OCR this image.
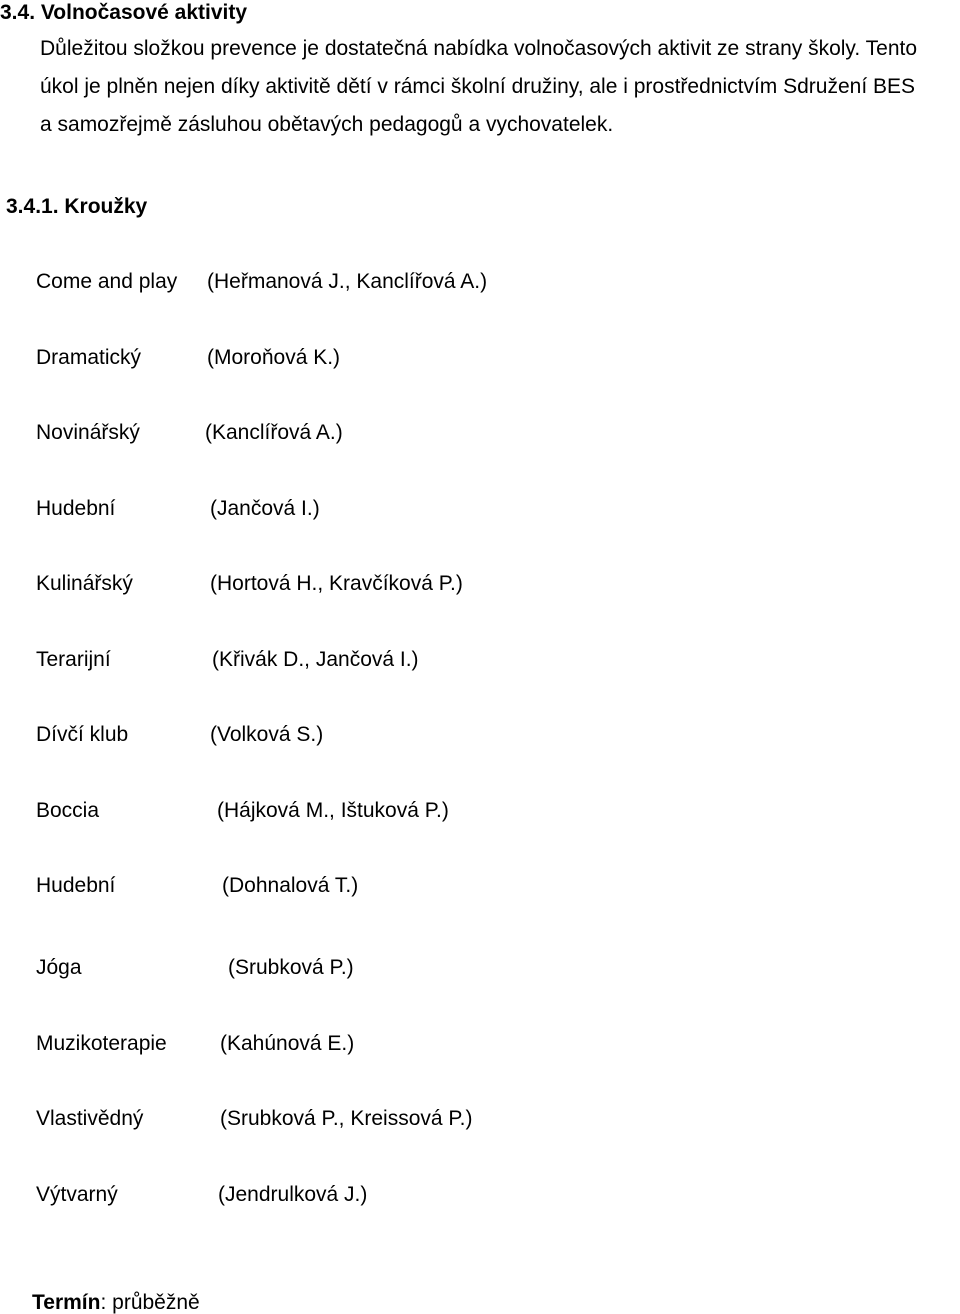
3.4. Volnočasové aktivity
Důležitou složkou prevence je dostatečná nabídka volnočasových aktivit ze strany školy. Tento
úkol je plněn nejen díky aktivitě dětí v rámci školní družiny, ale i prostřednictvím Sdružení BES
a samozřejmě zásluhou obětavých pedagogů a vychovatelek.
3.4.1. Kroužky
Come and play (Heřmanová J., Kanclířová A.)
Dramatický	(Moroňová K.)
Novinářský	(Kanclířová A.)
Hudební	(Jančová I.)
Kulinářský	(Hortová H., Kravčíková P.)
Terarijní	(Křivák D., Jančová I.)
Dívčí klub	(Volková S.)
Boccia	(Hájková M., Ištuková P.)
Hudební	(Dohnalová T.)
Jóga	(Srubková P.)
Muzikoterapie	(Kahúnová E.)
Vlastivědný	(Srubková P., Kreissová P.)
Výtvarný	(Jendrulková J.)
Termín: průběžně
